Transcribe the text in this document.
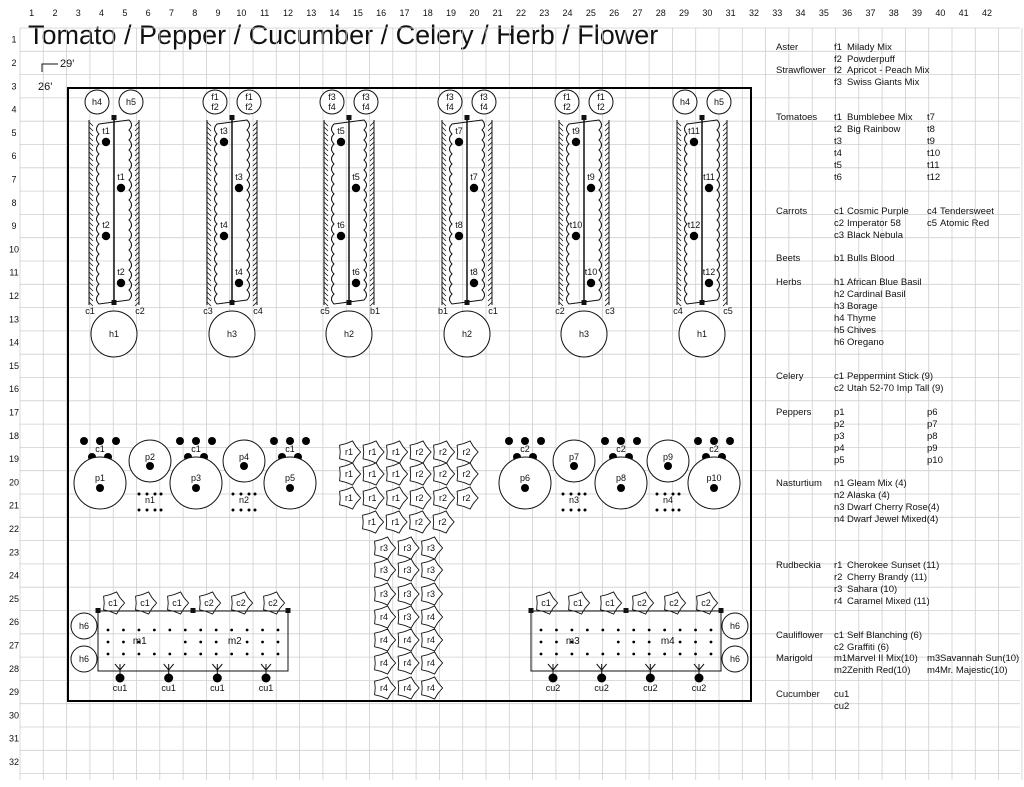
Tomato / Pepper / Cucumber / Celery / Herb / Flower
1 2 3 4 5 6 7 8 9 10 11 12 13 14 15 16 17 18 19 20 21 22 23 24 25 26 27 28 29 30 31 32 33 34 35 36 37 38 39 40 41 42
1
2
3
4
5
6
7
8
9
10
11
12
13
14
15
16
17
18
19
20
21
22
23
24
25
26
27
28
29
30
31
32
29'
26'
t1
t1
t2
t2
c1	c2
h1
h4	h5
t3
t3
t4
t4
c3	c4
h3
f1
f2
f1
f2
t5
t5
t6
t6
c5	b1
h2
f3
f4
f3
f4
t7
t7
t8
t8
b1	c1
h2
f3
f4
f3
f4
t9
t9
t10
t10
c2	c3
h3
f1
f2
f1
f2
t11
t11
t12
t12
c4	c5
h1
h4	h5
c1	c1	c1
p2	p4
p1	p3	p5
n1	n2
c2	c2	c2
p7	p9
p6	p8	p10
n3	n4
r1 r1 r1 r2 r2 r2
r1 r1 r1 r2 r2 r2
r1 r1 r1 r2 r2 r2
r1 r1 r2 r2
r3 r3 r3
r3 r3 r3
r3 r3 r3
r4 r3 r4
r4 r4 r4
r4 r4 r4
r4 r4 r4
c1 c1 c1 c2 c2 c2
m1	m2
h6
h6
cu1	cu1	cu1	cu1
c1 c1 c1 c2 c2 c2
m3	m4
h6
h6
cu2	cu2	cu2	cu2
Aster	f1 Milady Mix
f2 Powderpuff
Strawflower f2 Apricot - Peach Mix
f3 Swiss Giants Mix
Tomatoes t1 Bumblebee Mix t7
t2 Big Rainbow	t8
t3	t9
t4	t10
t5	t11
t6	t12
Carrots	c1 Cosmic Purple c4 Tendersweet
c2 Imperator 58	c5 Atomic Red
c3 Black Nebula
Beets	b1 Bulls Blood
Herbs	h1 African Blue Basil
h2 Cardinal Basil
h3 Borage
h4 Thyme
h5 Chives
h6 Oregano
Celery	c1 Peppermint Stick (9)
c2 Utah 52-70 Imp Tall (9)
Peppers p1	p6
p2	p7
p3	p8
p4	p9
p5	p10
Nasturtium n1 Gleam Mix (4)
n2 Alaska (4)
n3 Dwarf Cherry Rose(4)
n4 Dwarf Jewel Mixed(4)
Rudbeckia r1 Cherokee Sunset (11)
r2 Cherry Brandy (11)
r3 Sahara (10)
r4 Caramel Mixed (11)
Cauliflower c1 Self Blanching (6)
c2 Graffiti (6)
Marigold m1 Marvel II Mix(10) m3 Savannah Sun(10)
m2 Zenith Red(10) m4 Mr. Majestic(10)
Cucumber cu1
cu2
